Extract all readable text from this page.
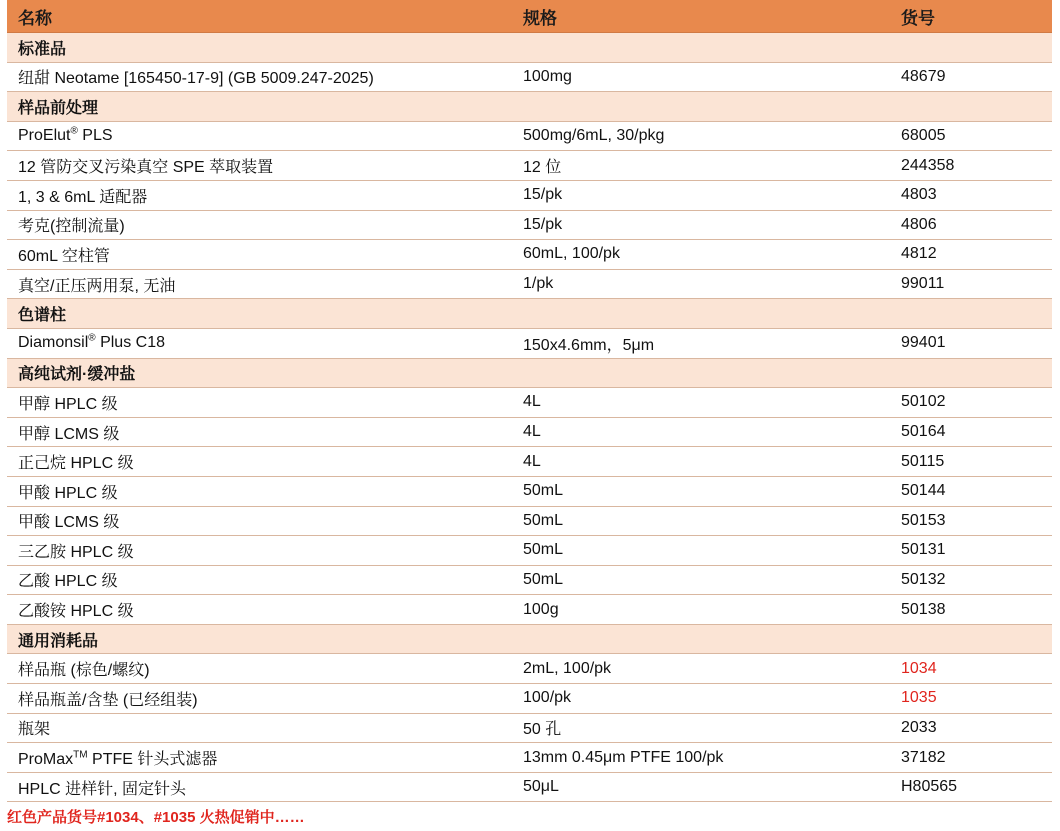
名称	规格	货号
标准品
纽甜 Neotame [165450-17-9] (GB 5009.247-2025)	100mg	48679
样品前处理
ProElut® PLS	500mg/6mL, 30/pkg	68005
12 管防交叉污染真空 SPE 萃取装置	12 位	244358
1, 3 & 6mL 适配器	15/pk	4803
考克(控制流量)	15/pk	4806
60mL 空柱管	60mL, 100/pk	4812
真空/正压两用泵, 无油	1/pk	99011
色谱柱
Diamonsil® Plus C18	150x4.6mm，5μm	99401
高纯试剂·缓冲盐
甲醇 HPLC 级	4L	50102
甲醇 LCMS 级	4L	50164
正己烷 HPLC 级	4L	50115
甲酸 HPLC 级	50mL	50144
甲酸 LCMS 级	50mL	50153
三乙胺 HPLC 级	50mL	50131
乙酸 HPLC 级	50mL	50132
乙酸铵 HPLC 级	100g	50138
通用消耗品
样品瓶 (棕色/螺纹)	2mL, 100/pk	1034
样品瓶盖/含垫 (已经组装)	100/pk	1035
瓶架	50 孔	2033
ProMax™ PTFE 针头式滤器	13mm 0.45μm PTFE 100/pk	37182
HPLC 进样针, 固定针头	50μL	H80565
红色产品货号#1034、#1035 火热促销中……
